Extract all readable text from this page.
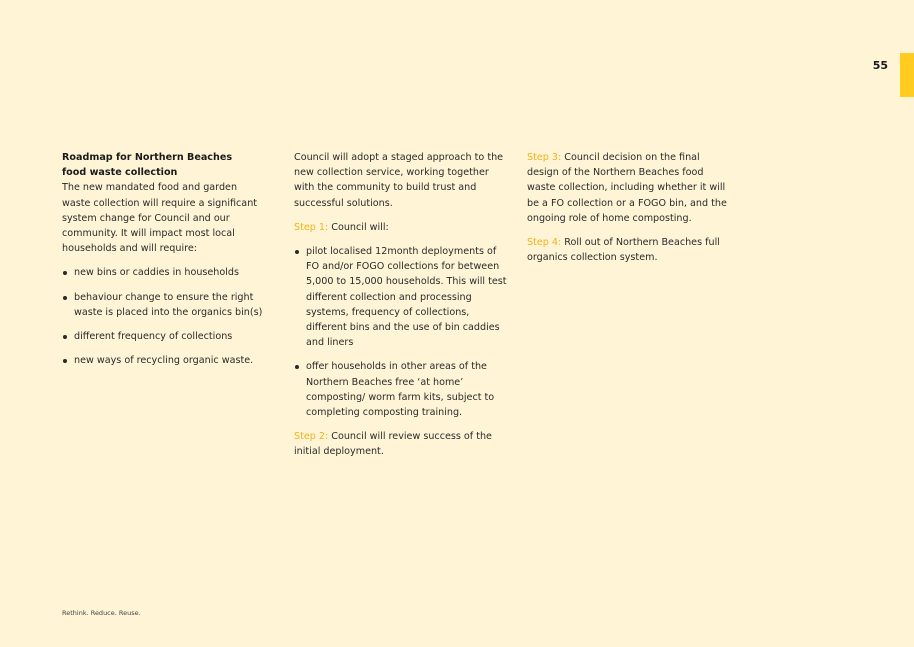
55

Roadmap for Northern Beaches
food waste collection

The new mandated food and garden waste collection will require a significant system change for Council and our community. It will impact most local households and will require:

new bins or caddies in households
behaviour change to ensure the right waste is placed into the organics bin(s)
different frequency of collections
new ways of recycling organic waste.

Council will adopt a staged approach to the new collection service, working together with the community to build trust and successful solutions.

Step 1: Council will:

pilot localised 12month deployments of FO and/or FOGO collections for between 5,000 to 15,000 households. This will test different collection and processing systems, frequency of collections, different bins and the use of bin caddies and liners
offer households in other areas of the Northern Beaches free ‘at home’ composting/ worm farm kits, subject to completing composting training.

Step 2: Council will review success of the initial deployment.

Step 3: Council decision on the final design of the Northern Beaches food waste collection, including whether it will be a FO collection or a FOGO bin, and the ongoing role of home composting.

Step 4: Roll out of Northern Beaches full organics collection system.

Rethink. Reduce. Reuse.
